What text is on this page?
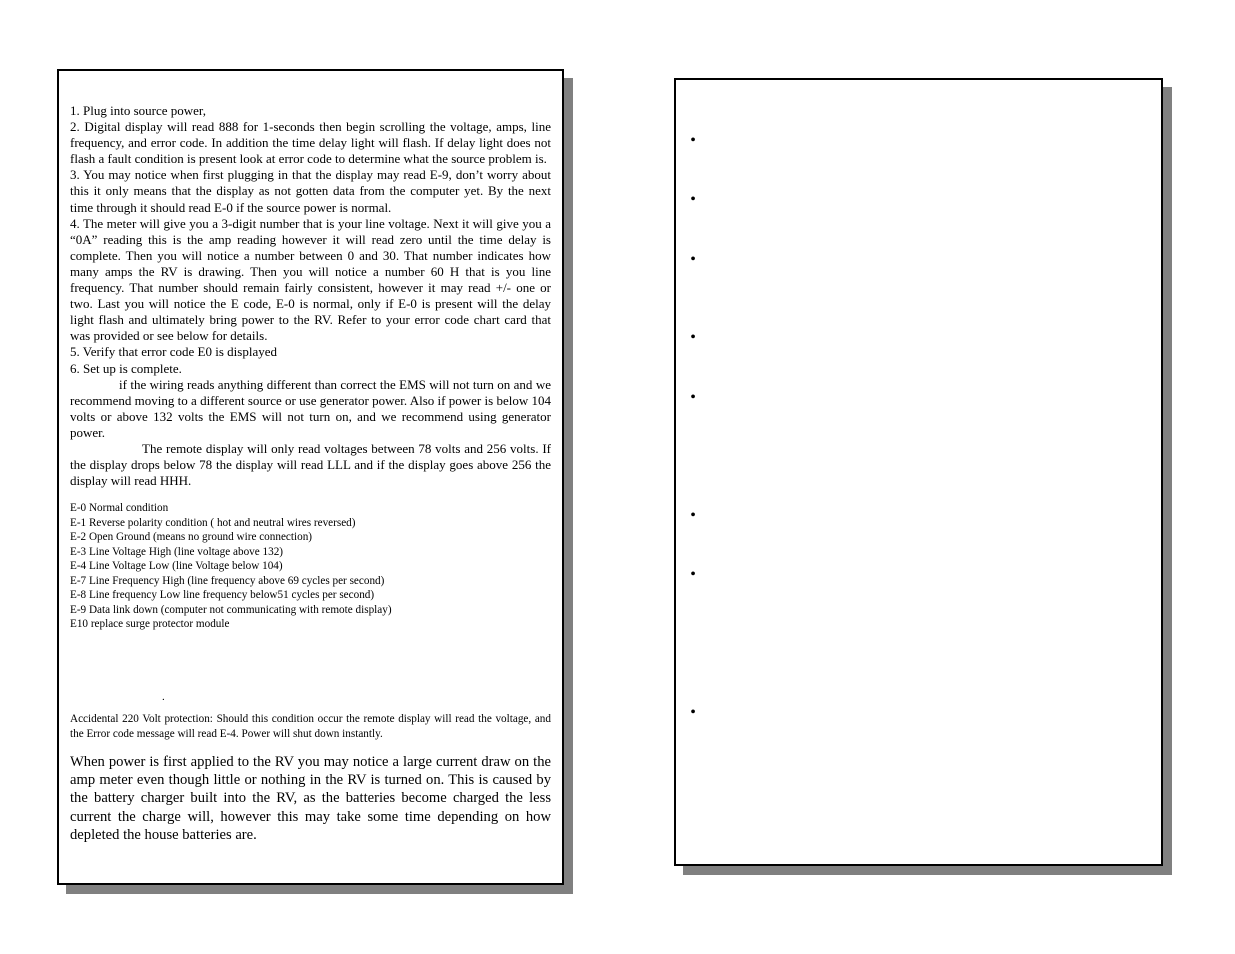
1. Plug into source power,

2. Digital display will read 888 for 1-seconds then begin scrolling the voltage, amps, line frequency, and error code. In addition the time delay light will flash. If delay light does not flash a fault condition is present look at error code to determine what the source problem is.

3. You may notice when first plugging in that the display may read E-9, don’t worry about this it only means that the display as not gotten data from the computer yet. By the next time through it should read E-0 if the source power is normal.

4. The meter will give you a 3-digit number that is your line voltage. Next it will give you a “0A” reading this is the amp reading however it will read zero until the time delay is complete. Then you will notice a number between 0 and 30. That number indicates how many amps the RV is drawing. Then you will notice a number 60 H that is you line frequency. That number should remain fairly consistent, however it may read +/- one or two. Last you will notice the E code, E-0 is normal, only if E-0 is present will the delay light flash and ultimately bring power to the RV. Refer to your error code chart card that was provided or see below for details.

5. Verify that error code E0 is displayed

6. Set up is complete.

if the wiring reads anything different than correct the EMS will not turn on and we recommend moving to a different source or use generator power. Also if power is below 104 volts or above 132 volts the EMS will not turn on, and we recommend using generator power.

The remote display will only read voltages between 78 volts and 256 volts. If the display drops below 78 the display will read LLL and if the display goes above 256 the display will read HHH.

E-0 Normal condition
E-1 Reverse polarity condition ( hot and neutral wires reversed)
E-2 Open Ground (means no ground wire connection)
E-3 Line Voltage High (line voltage above 132)
E-4 Line Voltage Low (line Voltage below 104)
E-7 Line Frequency High (line frequency above 69 cycles per second)
E-8 Line frequency Low line frequency below51 cycles per second)
E-9 Data link down (computer not communicating with remote display)
E10 replace surge protector module
.

Accidental 220 Volt protection: Should this condition occur the remote display will read the voltage, and the Error code message will read E-4. Power will shut down instantly.

When power is first applied to the RV you may notice a large current draw on the amp meter even though little or nothing in the RV is turned on. This is caused by the battery charger built into the RV, as the batteries become charged the less current the charge will, however this may take some time depending on how depleted the house batteries are.

•
•
•
•
•
•
•
•
